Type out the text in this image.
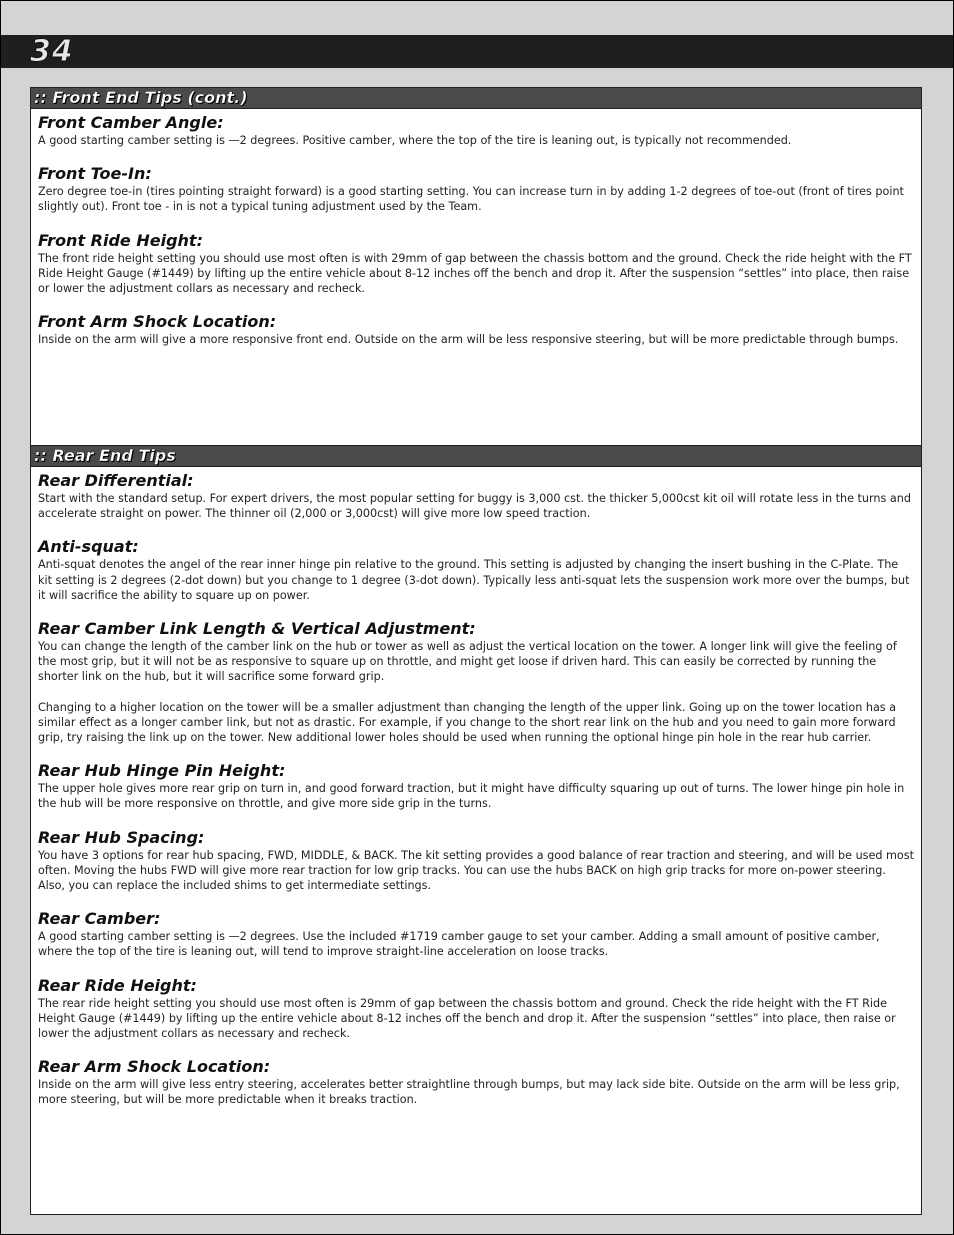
34
:: Front End Tips (cont.)
Front Camber Angle:

A good starting camber setting is —2 degrees. Positive camber, where the top of the tire is leaning out, is typically not recommended.

Front Toe-In:

Zero degree toe-in (tires pointing straight forward) is a good starting setting. You can increase turn in by adding 1-2 degrees of toe-out (front of tires point slightly out). Front toe - in is not a typical tuning adjustment used by the Team.

Front Ride Height:

The front ride height setting you should use most often is with 29mm of gap between the chassis bottom and the ground. Check the ride height with the FT Ride Height Gauge (#1449) by lifting up the entire vehicle about 8-12 inches off the bench and drop it. After the suspension “settles” into place, then raise or lower the adjustment collars as necessary and recheck.

Front Arm Shock Location:

Inside on the arm will give a more responsive front end. Outside on the arm will be less responsive steering, but will be more predictable through bumps.

:: Rear End Tips
Rear Differential:

Start with the standard setup. For expert drivers, the most popular setting for buggy is 3,000 cst. the thicker 5,000cst kit oil will rotate less in the turns and accelerate straight on power. The thinner oil (2,000 or 3,000cst) will give more low speed traction.

Anti-squat:

Anti-squat denotes the angel of the rear inner hinge pin relative to the ground. This setting is adjusted by changing the insert bushing in the C-Plate. The kit setting is 2 degrees (2-dot down) but you change to 1 degree (3-dot down). Typically less anti-squat lets the suspension work more over the bumps, but it will sacrifice the ability to square up on power.

Rear Camber Link Length & Vertical Adjustment:

You can change the length of the camber link on the hub or tower as well as adjust the vertical location on the tower. A longer link will give the feeling of the most grip, but it will not be as responsive to square up on throttle, and might get loose if driven hard. This can easily be corrected by running the shorter link on the hub, but it will sacrifice some forward grip.

Changing to a higher location on the tower will be a smaller adjustment than changing the length of the upper link. Going up on the tower location has a similar effect as a longer camber link, but not as drastic. For example, if you change to the short rear link on the hub and you need to gain more forward grip, try raising the link up on the tower. New additional lower holes should be used when running the optional hinge pin hole in the rear hub carrier.

Rear Hub Hinge Pin Height:

The upper hole gives more rear grip on turn in, and good forward traction, but it might have difficulty squaring up out of turns. The lower hinge pin hole in the hub will be more responsive on throttle, and give more side grip in the turns.

Rear Hub Spacing:

You have 3 options for rear hub spacing, FWD, MIDDLE, & BACK. The kit setting provides a good balance of rear traction and steering, and will be used most often. Moving the hubs FWD will give more rear traction for low grip tracks. You can use the hubs BACK on high grip tracks for more on-power steering. Also, you can replace the included shims to get intermediate settings.

Rear Camber:

A good starting camber setting is —2 degrees. Use the included #1719 camber gauge to set your camber. Adding a small amount of positive camber, where the top of the tire is leaning out, will tend to improve straight-line acceleration on loose tracks.

Rear Ride Height:

The rear ride height setting you should use most often is 29mm of gap between the chassis bottom and ground. Check the ride height with the FT Ride Height Gauge (#1449) by lifting up the entire vehicle about 8-12 inches off the bench and drop it. After the suspension “settles” into place, then raise or lower the adjustment collars as necessary and recheck.

Rear Arm Shock Location:

Inside on the arm will give less entry steering, accelerates better straightline through bumps, but may lack side bite. Outside on the arm will be less grip, more steering, but will be more predictable when it breaks traction.
